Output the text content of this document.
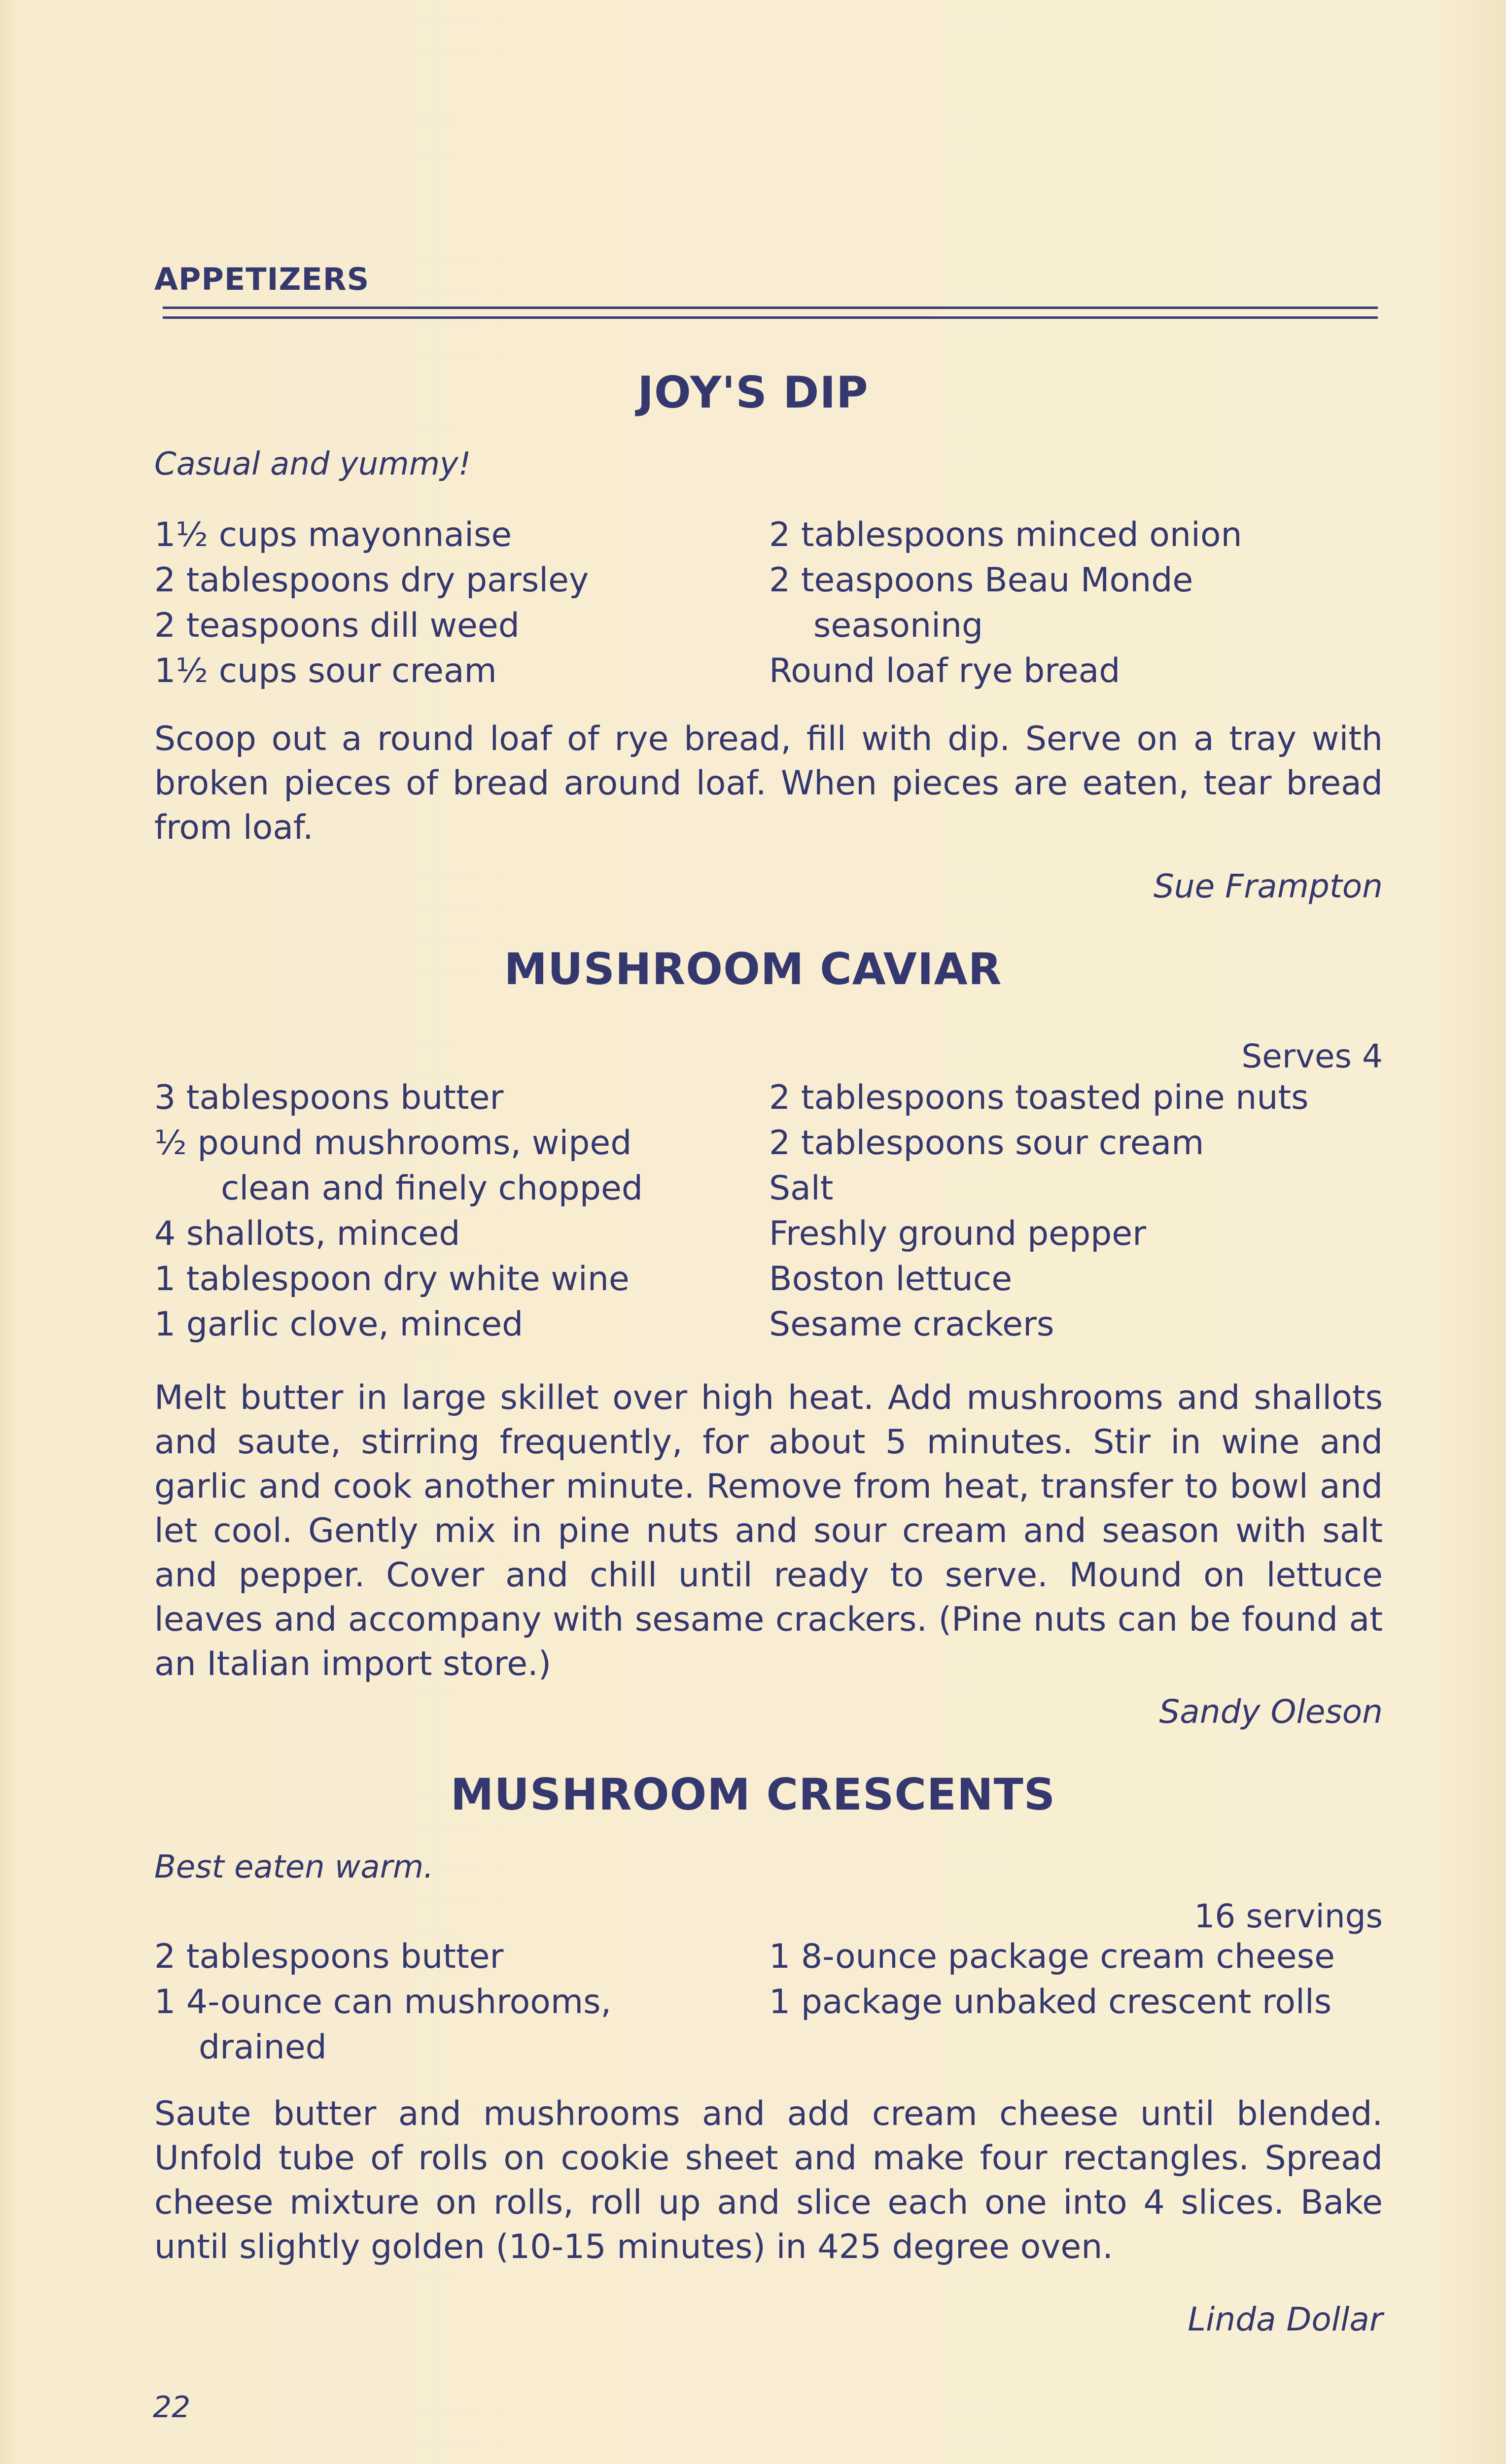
APPETIZERS
JOY'S DIP
Casual and yummy!
1½ cups mayonnaise
2 tablespoons dry parsley
2 teaspoons dill weed
1½ cups sour cream
2 tablespoons minced onion
2 teaspoons Beau Monde
seasoning
Round loaf rye bread
Scoop out a round loaf of rye bread, fill with dip. Serve on a tray with broken pieces of bread around loaf. When pieces are eaten, tear bread from loaf.
Sue Frampton
MUSHROOM CAVIAR
Serves 4
3 tablespoons butter
½ pound mushrooms, wiped
clean and finely chopped
4 shallots, minced
1 tablespoon dry white wine
1 garlic clove, minced
2 tablespoons toasted pine nuts
2 tablespoons sour cream
Salt
Freshly ground pepper
Boston lettuce
Sesame crackers
Melt butter in large skillet over high heat. Add mushrooms and shallots and saute, stirring frequently, for about 5 minutes. Stir in wine and garlic and cook another minute. Remove from heat, transfer to bowl and let cool. Gently mix in pine nuts and sour cream and season with salt and pepper. Cover and chill until ready to serve. Mound on lettuce leaves and accompany with sesame crackers. (Pine nuts can be found at an Italian import store.)
Sandy Oleson
MUSHROOM CRESCENTS
Best eaten warm.
16 servings
2 tablespoons butter
1 4-ounce can mushrooms,
drained
1 8-ounce package cream cheese
1 package unbaked crescent rolls
Saute butter and mushrooms and add cream cheese until blended. Unfold tube of rolls on cookie sheet and make four rectangles. Spread cheese mixture on rolls, roll up and slice each one into 4 slices. Bake until slightly golden (10-15 minutes) in 425 degree oven.
Linda Dollar
22
